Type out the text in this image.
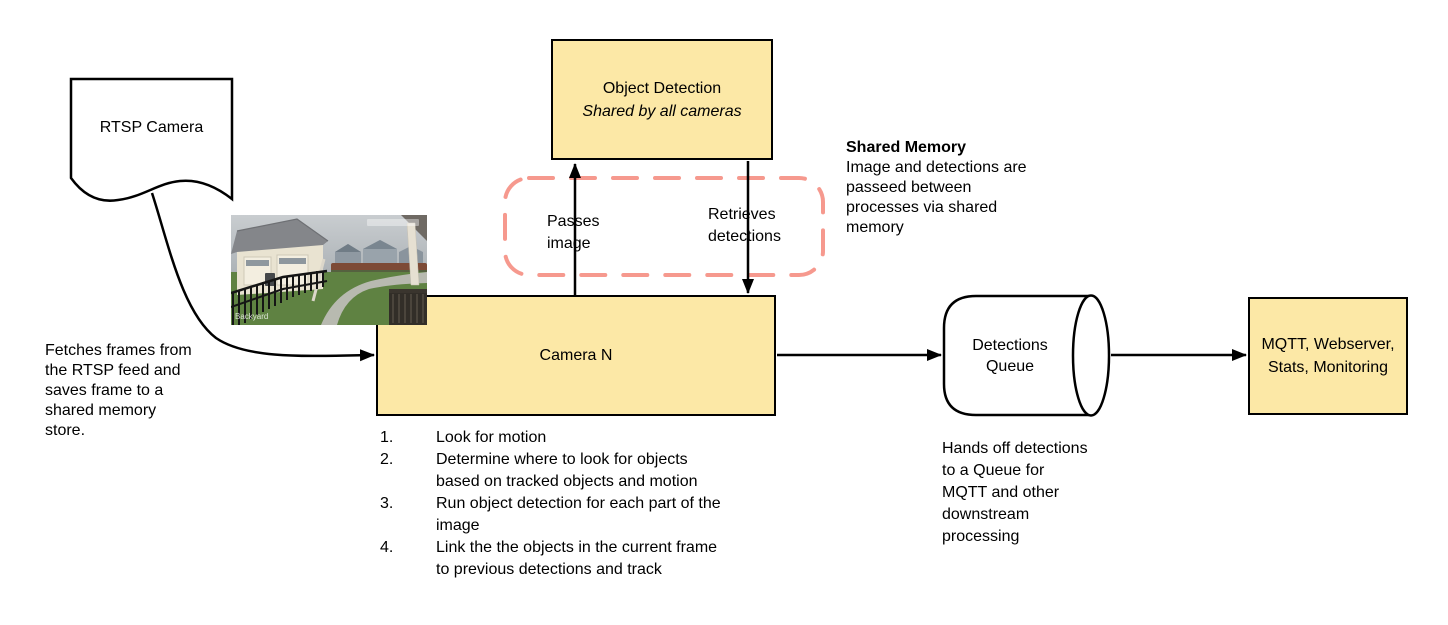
Object Detection
Shared by all cameras
Camera N
MQTT, Webserver,
Stats, Monitoring
RTSP Camera
Detections
Queue
Passes
image
Retrieves
detections
Fetches frames from
the RTSP feed and
saves frame to a
shared memory
store.
Shared Memory
Image and detections are
passeed between
processes via shared
memory
1.	Look for motion
2.	Determine where to look for objects
based on tracked objects and motion
3.	Run object detection for each part of the
image
4.	Link the the objects in the current frame
to previous detections and track
Hands off detections
to a Queue for
MQTT and other
downstream
processing
Backyard
